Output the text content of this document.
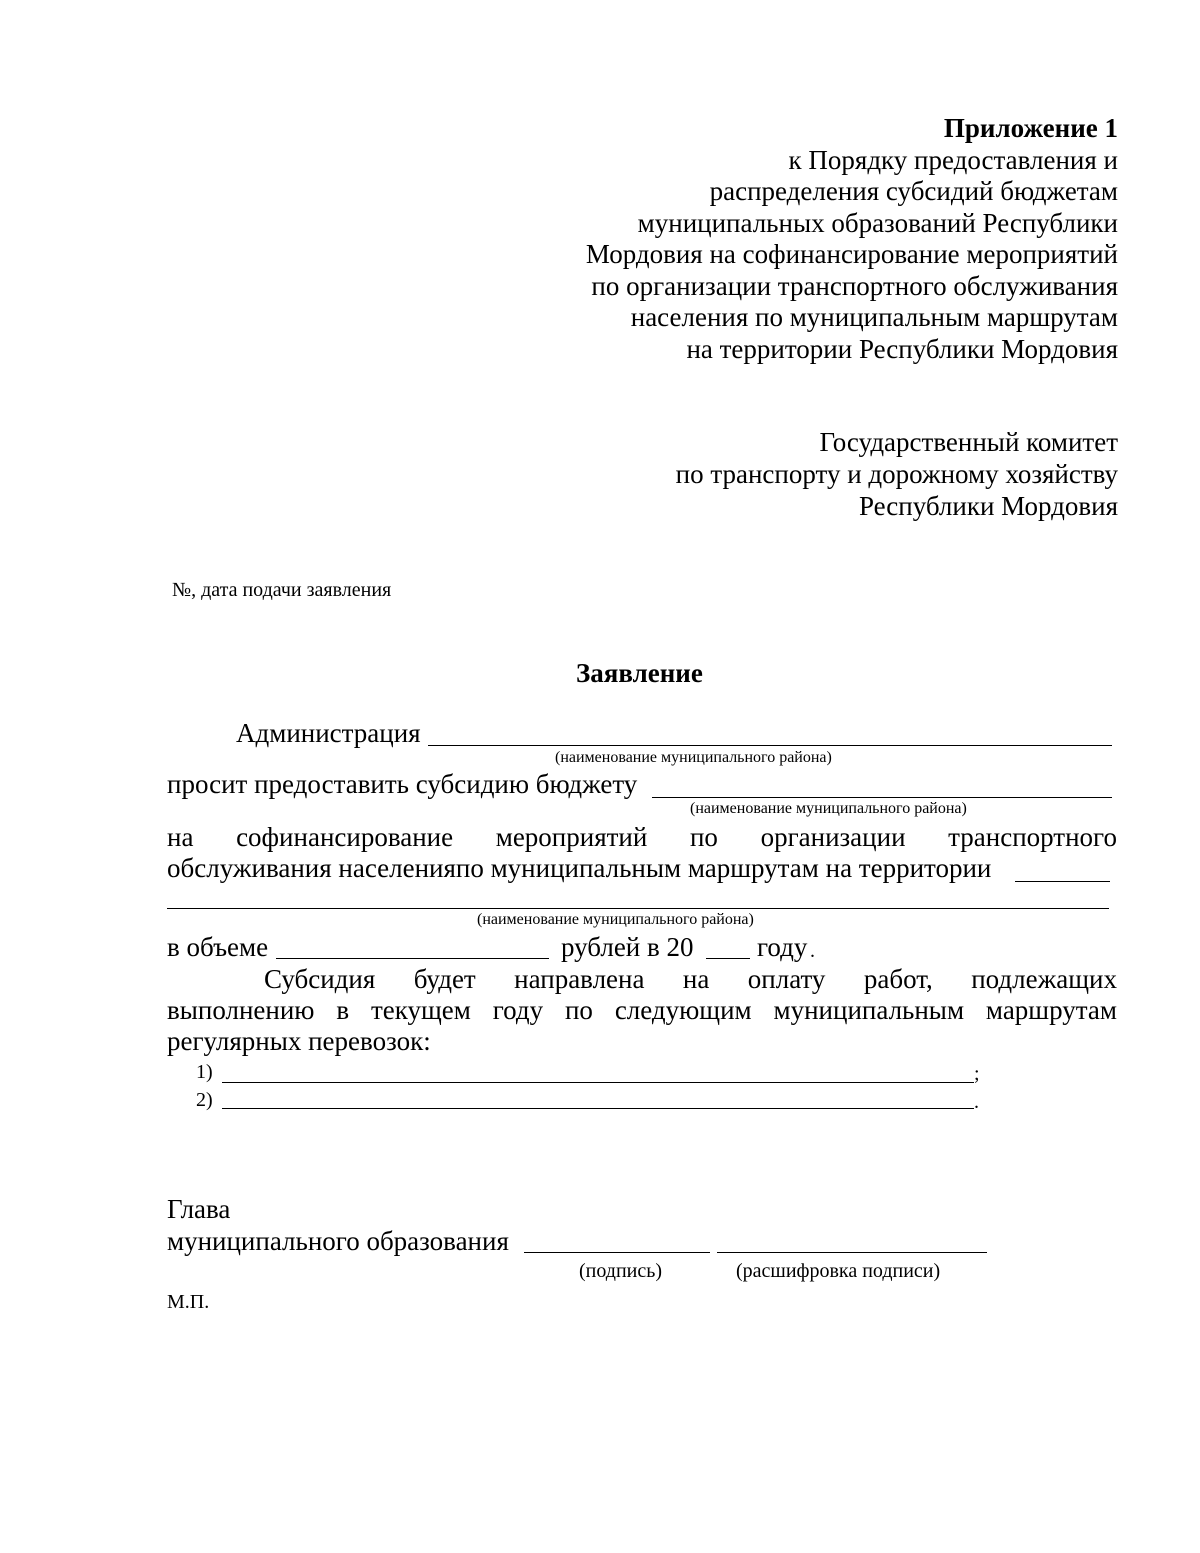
Приложение 1
к Порядку предоставления и
распределения субсидий бюджетам
муниципальных образований Республики
Мордовия на софинансирование мероприятий
по организации транспортного обслуживания
населения по муниципальным маршрутам
на территории Республики Мордовия
Государственный комитет
по транспорту и дорожному хозяйству
Республики Мордовия
№, дата подачи заявления
Заявление
Администрация
(наименование муниципального района)
просит предоставить субсидию бюджету
(наименование муниципального района)
на софинансирование мероприятий по организации транспортного
обслуживания населенияпо муниципальным маршрутам на территории
(наименование муниципального района)
в объеме	рублей в 20 году .
Субсидия будет направлена на оплату работ, подлежащих
выполнению в текущем году по следующим муниципальным маршрутам
регулярных перевозок:
1)	;
2)	.
Глава
муниципального образования
(подпись)	(расшифровка подписи)
М.П.
